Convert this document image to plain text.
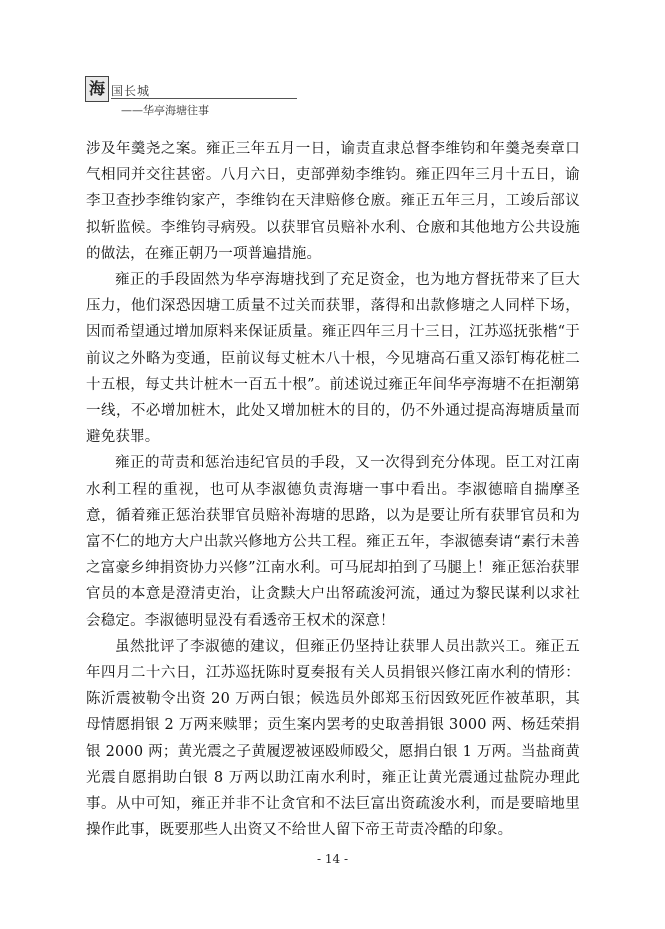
海 国长城
——华亭海塘往事

涉及年羹尧之案。雍正三年五月一日，谕责直隶总督李维钧和年羹尧奏章口气相同并交往甚密。八月六日，吏部弹劾李维钧。雍正四年三月十五日，谕李卫查抄李维钧家产，李维钧在天津赔修仓廒。雍正五年三月，工竣后部议拟斩监候。李维钧寻病殁。以获罪官员赔补水利、仓廒和其他地方公共设施的做法，在雍正朝乃一项普遍措施。

雍正的手段固然为华亭海塘找到了充足资金，也为地方督抚带来了巨大压力，他们深恐因塘工质量不过关而获罪，落得和出款修塘之人同样下场，因而希望通过增加原料来保证质量。雍正四年三月十三日，江苏巡抚张楷“于前议之外略为变通，臣前议每丈桩木八十根，今见塘高石重又添钉梅花桩二十五根，每丈共计桩木一百五十根”。前述说过雍正年间华亭海塘不在拒潮第一线，不必增加桩木，此处又增加桩木的目的，仍不外通过提高海塘质量而避免获罪。

雍正的苛责和惩治违纪官员的手段，又一次得到充分体现。臣工对江南水利工程的重视，也可从李淑德负责海塘一事中看出。李淑德暗自揣摩圣意，循着雍正惩治获罪官员赔补海塘的思路，以为是要让所有获罪官员和为富不仁的地方大户出款兴修地方公共工程。雍正五年，李淑德奏请“素行未善之富豪乡绅捐资协力兴修”江南水利。可马屁却拍到了马腿上！雍正惩治获罪官员的本意是澄清吏治，让贪黩大户出帑疏浚河流，通过为黎民谋利以求社会稳定。李淑德明显没有看透帝王权术的深意！

虽然批评了李淑德的建议，但雍正仍坚持让获罪人员出款兴工。雍正五年四月二十六日，江苏巡抚陈时夏奏报有关人员捐银兴修江南水利的情形：陈沂震被勒令出资 20 万两白银；候选员外郎郑玉衍因致死匠作被革职，其母情愿捐银 2 万两来赎罪；贡生案内罢考的史取善捐银 3000 两、杨廷荣捐银 2000 两；黄光震之子黄履逻被诬殴师殴父，愿捐白银 1 万两。当盐商黄光震自愿捐助白银 8 万两以助江南水利时，雍正让黄光震通过盐院办理此事。从中可知，雍正并非不让贪官和不法巨富出资疏浚水利，而是要暗地里操作此事，既要那些人出资又不给世人留下帝王苛责冷酷的印象。

- 14 -
